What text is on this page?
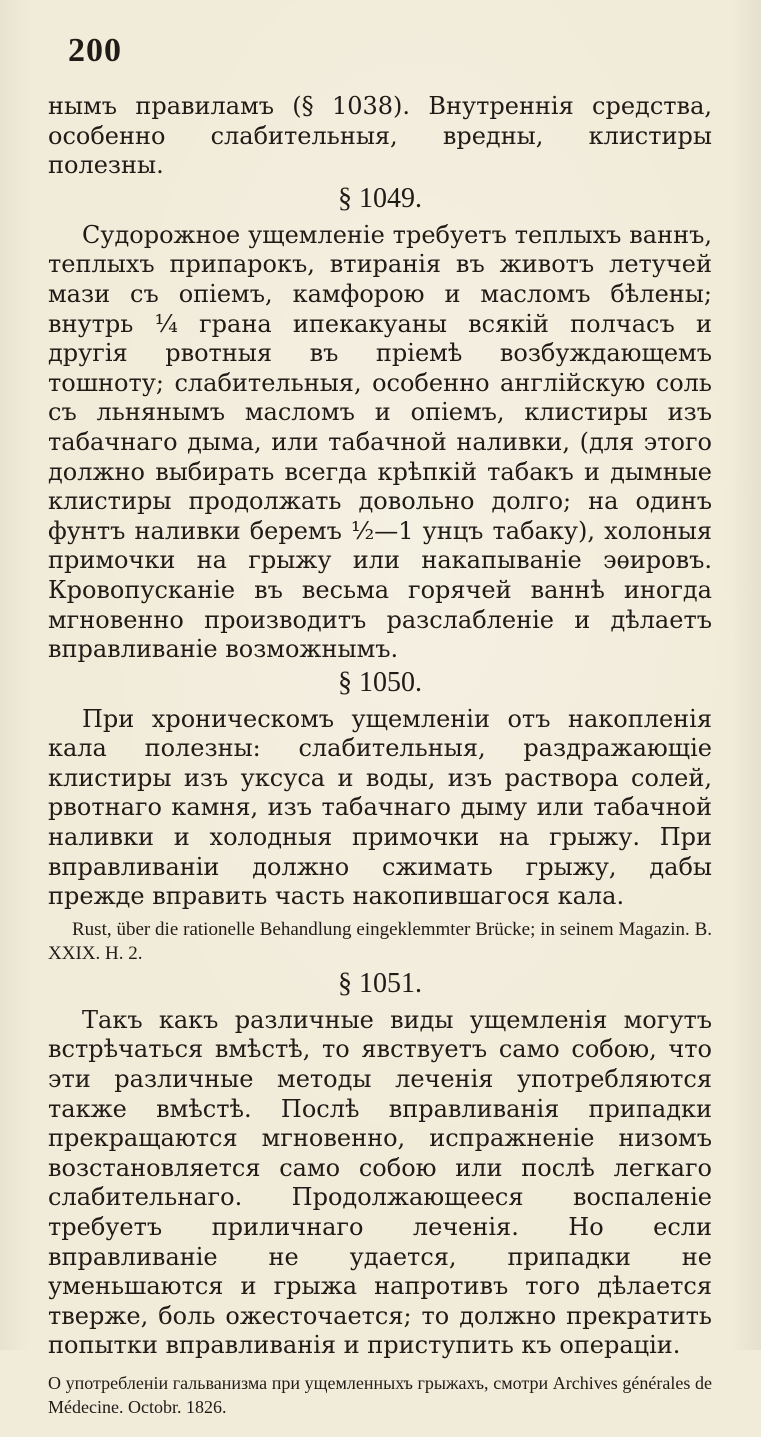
200

нымъ правиламъ (§ 1038). Внутреннія средства, особенно слабительныя, вредны, клистиры полезны.

§ 1049.

Судорожное ущемленіе требуетъ теплыхъ ваннъ, теплыхъ припарокъ, втиранія въ животъ летучей мази съ опіемъ, камфорою и масломъ бѣлены; внутрь ¼ грана ипекакуаны всякій полчасъ и другія рвотныя въ пріемѣ возбуждающемъ тошноту; слабительныя, особенно англійскую соль съ льнянымъ масломъ и опіемъ, клистиры изъ табачнаго дыма, или табачной наливки, (для этого должно выбирать всегда крѣпкій табакъ и дымные клистиры продолжать довольно долго; на одинъ фунтъ наливки беремъ ½—1 унцъ табаку), холоныя примочки на грыжу или накапываніе эѳировъ. Кровопусканіе въ весьма горячей ваннѣ иногда мгновенно производитъ разслабленіе и дѣлаетъ вправливаніе возможнымъ.

§ 1050.

При хроническомъ ущемленіи отъ накопленія кала полезны: слабительныя, раздражающіе клистиры изъ уксуса и воды, изъ раствора солей, рвотнаго камня, изъ табачнаго дыму или табачной наливки и холодныя примочки на грыжу. При вправливаніи должно сжимать грыжу, дабы прежде вправить часть накопившагося кала.

Rust, über die rationelle Behandlung eingeklemmter Brücke; in seinem Magazin. B. XXIX. H. 2.

§ 1051.

Такъ какъ различные виды ущемленія могутъ встрѣчаться вмѣстѣ, то явствуетъ само собою, что эти различные методы леченія употребляются также вмѣстѣ. Послѣ вправливанія припадки прекращаются мгновенно, испражненіе низомъ возстановляется само собою или послѣ легкаго слабительнаго. Продолжающееся воспаленіе требуетъ приличнаго леченія. Но если вправливаніе не удается, припадки не уменьшаются и грыжа напротивъ того дѣлается тверже, боль ожесточается; то должно прекратить попытки вправливанія и приступить къ операціи.

О употребленіи гальванизма при ущемленныхъ грыжахъ, смотри Archives générales de Médecine. Octobr. 1826.
